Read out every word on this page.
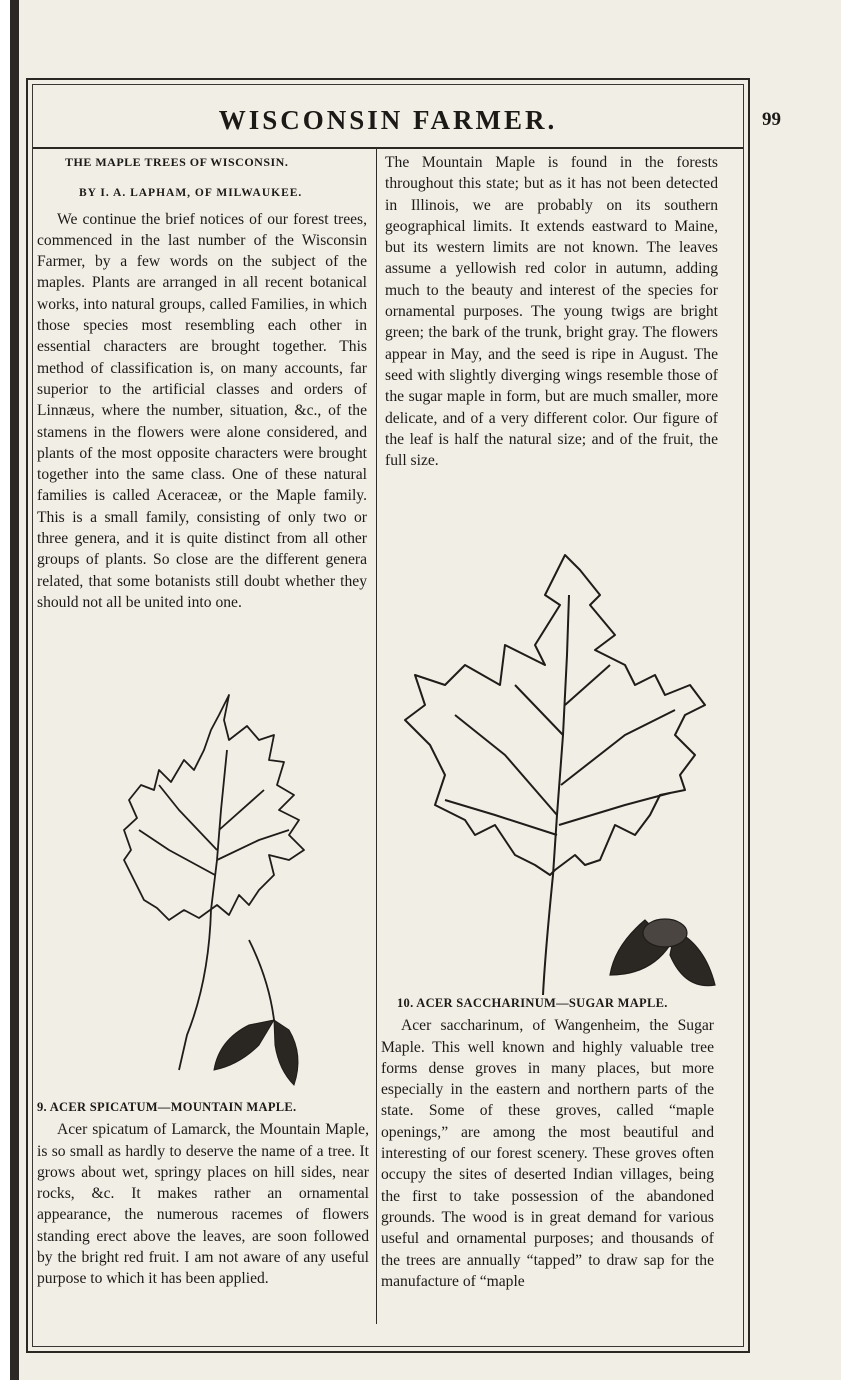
WISCONSIN FARMER.	99
THE MAPLE TREES OF WISCONSIN.
BY I. A. LAPHAM, OF MILWAUKEE.

We continue the brief notices of our forest trees, commenced in the last number of the Wisconsin Farmer, by a few words on the subject of the maples. Plants are arranged in all recent botanical works, into natural groups, called Families, in which those species most resembling each other in essential characters are brought together. This method of classification is, on many accounts, far superior to the artificial classes and orders of Linnæus, where the number, situation, &c., of the stamens in the flowers were alone considered, and plants of the most opposite characters were brought together into the same class. One of these natural families is called Aceraceæ, or the Maple family. This is a small family, consisting of only two or three genera, and it is quite distinct from all other groups of plants. So close are the different genera related, that some botanists still doubt whether they should not all be united into one.

9. ACER SPICATUM—MOUNTAIN MAPLE.

Acer spicatum of Lamarck, the Mountain Maple, is so small as hardly to deserve the name of a tree. It grows about wet, springy places on hill sides, near rocks, &c. It makes rather an ornamental appearance, the numerous racemes of flowers standing erect above the leaves, are soon followed by the bright red fruit. I am not aware of any useful purpose to which it has been applied.

The Mountain Maple is found in the forests throughout this state; but as it has not been detected in Illinois, we are probably on its southern geographical limits. It extends eastward to Maine, but its western limits are not known. The leaves assume a yellowish red color in autumn, adding much to the beauty and interest of the species for ornamental purposes. The young twigs are bright green; the bark of the trunk, bright gray. The flowers appear in May, and the seed is ripe in August. The seed with slightly diverging wings resemble those of the sugar maple in form, but are much smaller, more delicate, and of a very different color. Our figure of the leaf is half the natural size; and of the fruit, the full size.

10. ACER SACCHARINUM—SUGAR MAPLE.

Acer saccharinum, of Wangenheim, the Sugar Maple. This well known and highly valuable tree forms dense groves in many places, but more especially in the eastern and northern parts of the state. Some of these groves, called “maple openings,” are among the most beautiful and interesting of our forest scenery. These groves often occupy the sites of deserted Indian villages, being the first to take possession of the abandoned grounds. The wood is in great demand for various useful and ornamental purposes; and thousands of the trees are annually “tapped” to draw sap for the manufacture of “maple
